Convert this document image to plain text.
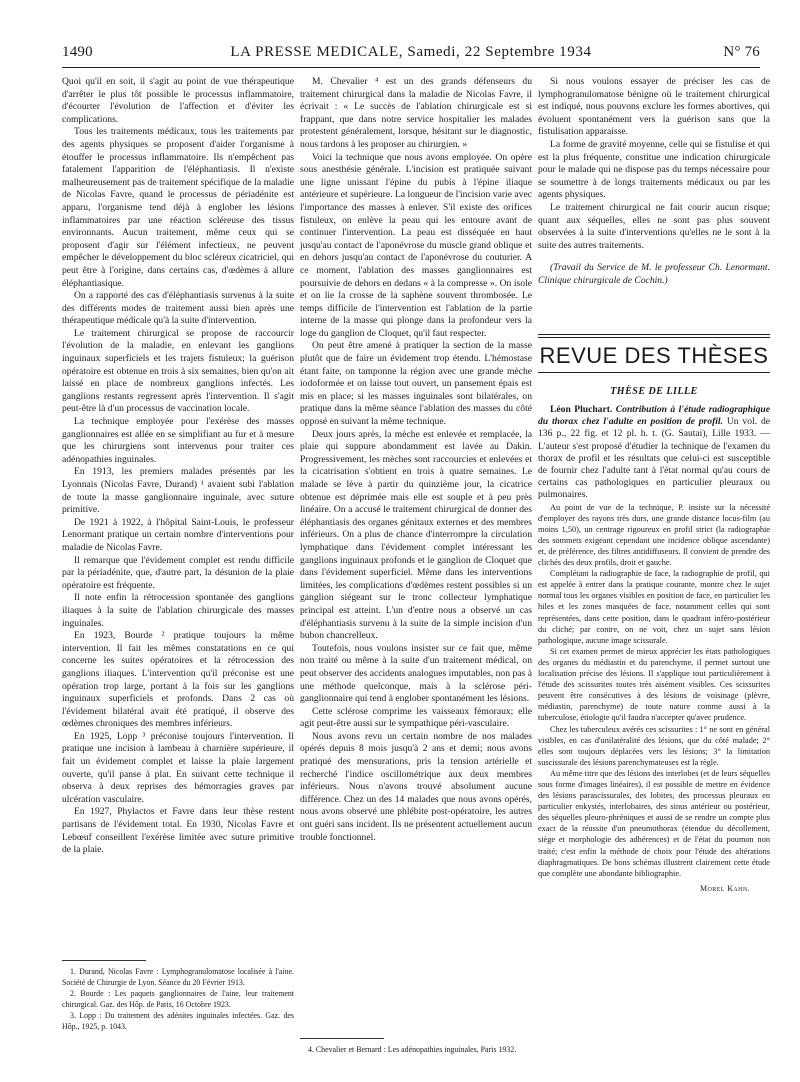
1490	LA PRESSE MEDICALE, Samedi, 22 Septembre 1934	N° 76

Quoi qu'il en soit, il s'agit au point de vue thérapeutique d'arrêter le plus tôt possible le processus inflammatoire, d'écourter l'évolution de l'affection et d'éviter les complications.

Tous les traitements médicaux, tous les traitements par des agents physiques se proposent d'aider l'organisme à étouffer le processus inflammatoire. Ils n'empêchent pas fatalement l'apparition de l'éléphantiasis. Il n'existe malheureusement pas de traitement spécifique de la maladie de Nicolas Favre, quand le processus de périadénite est apparu, l'organisme tend déjà à englober les lésions inflammatoires par une réaction scléreuse des tissus environnants. Aucun traitement, même ceux qui se proposent d'agir sur l'élément infectieux, ne peuvent empêcher le développement du bloc scléreux cicatriciel, qui peut être à l'origine, dans certains cas, d'œdèmes à allure éléphantiasique.

On a rapporté des cas d'éléphantiasis survenus à la suite des différents modes de traitement aussi bien après une thérapeutique médicale qu'à la suite d'intervention.

Le traitement chirurgical se propose de raccourcir l'évolution de la maladie, en enlevant les ganglions inguinaux superficiels et les trajets fistuleux; la guérison opératoire est obtenue en trois à six semaines, bien qu'on ait laissé en place de nombreux ganglions infectés. Les ganglions restants regressent après l'intervention. Il s'agit peut-être là d'un processus de vaccination locale.

La technique employée pour l'exérèse des masses ganglionnaires est allée en se simplifiant au fur et à mesure que les chirurgiens sont intervenus pour traiter ces adénopathies inguinales.

En 1913, les premiers malades présentés par les Lyonnais (Nicolas Favre, Durand) ¹ avaient subi l'ablation de toute la masse ganglionnaire inguinale, avec suture primitive.

De 1921 à 1922, à l'hôpital Saint-Louis, le professeur Lenormant pratique un certain nombre d'interventions pour maladie de Nicolas Favre.

Il remarque que l'évidement complet est rendu difficile par la périadénite, que, d'autre part, la désunion de la plaie opératoire est fréquente.

Il note enfin la rétrocession spontanée des ganglions iliaques à la suite de l'ablation chirurgicale des masses inguinales.

En 1923, Bourde ² pratique toujours la même intervention. Il fait les mêmes constatations en ce qui concerne les suites opératoires et la rétrocession des ganglions iliaques. L'intervention qu'il préconise est une opération trop large, portant à la fois sur les ganglions inguinaux superficiels et profonds. Dans 2 cas où l'évidement bilatéral avait été pratiqué, il observe des œdèmes chroniques des membres inférieurs.

En 1925, Lopp ³ préconise toujours l'intervention. Il pratique une incision à lambeau à charnière supérieure, il fait un évidement complet et laisse la plaie largement ouverte, qu'il panse à plat. En suivant cette technique il observa à deux reprises des hémorragies graves par ulcération vasculaire.

En 1927, Phylactos et Favre dans leur thèse restent partisans de l'évidement total. En 1930, Nicolas Favre et Lebœuf conseillent l'exérèse limitée avec suture primitive de la plaie.

1. Durand, Nicolas Favre : Lymphogranulomatose localisée à l'aine. Société de Chirurgie de Lyon. Séance du 20 Février 1913.

2. Bourde : Les paquets ganglionnaires de l'aine, leur traitement chirurgical. Gaz. des Hôp. de Paris, 16 Octobre 1923.

3. Lopp : Du traitement des adénites inguinales infectées. Gaz. des Hôp., 1925, p. 1043.

M. Chevalier ⁴ est un des grands défenseurs du traitement chirurgical dans la maladie de Nicolas Favre, il écrivait : « Le succès de l'ablation chirurgicale est si frappant, que dans notre service hospitalier les malades protestent généralement, lorsque, hésitant sur le diagnostic, nous tardons à les proposer au chirurgien. »

Voici la technique que nous avons employée. On opère sous anesthésie générale. L'incision est pratiquée suivant une ligne unissant l'épine du pubis à l'épine iliaque antérieure et supérieure. La longueur de l'incision varie avec l'importance des masses à enlever. S'il existe des orifices fistuleux, on enlève la peau qui les entoure avant de continuer l'intervention. La peau est disséquée en haut jusqu'au contact de l'aponévrose du muscle grand oblique et en dehors jusqu'au contact de l'aponévrose du couturier. A ce moment, l'ablation des masses ganglionnaires est poursuivie de dehors en dedans « à la compresse ». On isole et on lie la crosse de la saphène souvent thrombosée. Le temps difficile de l'intervention est l'ablation de la partie interne de la masse qui plonge dans la profondeur vers la loge du ganglion de Cloquet, qu'il faut respecter.

On peut être amené à pratiquer la section de la masse plutôt que de faire un évidement trop étendu. L'hémostase étant faite, on tamponne la région avec une grande mèche iodoformée et on laisse tout ouvert, un pansement épais est mis en place; si les masses inguinales sont bilatérales, on pratique dans la même séance l'ablation des masses du côté opposé en suivant la même technique.

Deux jours après, la mèche est enlevée et remplacée, la plaie qui suppure abondamment est lavée au Dakin. Progressivement, les mèches sont raccourcies et enlevées et la cicatrisation s'obtient en trois à quatre semaines. Le malade se lève à partir du quinzième jour, la cicatrice obtenue est déprimée mais elle est souple et à peu près linéaire. On a accusé le traitement chirurgical de donner des éléphantiasis des organes génitaux externes et des membres inférieurs. On a plus de chance d'interrompre la circulation lymphatique dans l'évidement complet intéressant les ganglions inguinaux profonds et le ganglion de Cloquet que dans l'évidement superficiel. Même dans les interventions limitées, les complications d'œdèmes restent possibles si un ganglion siégeant sur le tronc collecteur lymphatique principal est atteint. L'un d'entre nous a observé un cas d'éléphantiasis survenu à la suite de la simple incision d'un bubon chancrelleux.

Toutefois, nous voulons insister sur ce fait que, même non traité ou même à la suite d'un traitement médical, on peut observer des accidents analogues imputables, non pas à une méthode quelconque, mais à la sclérose péri-ganglionnaire qui tend à englober spontanément les lésions.

Cette sclérose comprime les vaisseaux fémoraux; elle agit peut-être aussi sur le sympathique péri-vasculaire.

Nous avons revu un certain nombre de nos malades opérés depuis 8 mois jusqu'à 2 ans et demi; nous avons pratiqué des mensurations, pris la tension artérielle et recherché l'indice oscillométrique aux deux membres inférieurs. Nous n'avons trouvé absolument aucune différence. Chez un des 14 malades que nous avons opérés, nous avons observé une phlébite post-opératoire, les autres ont guéri sans incident. Ils ne présentent actuellement aucun trouble fonctionnel.

4. Chevalier et Bernard : Les adénopathies inguinales, Paris 1932.

Si nous voulons essayer de préciser les cas de lymphogranulomatose bénigne où le traitement chirurgical est indiqué, nous pouvons exclure les formes abortives, qui évoluent spontanément vers la guérison sans que la fistulisation apparaisse.

La forme de gravité moyenne, celle qui se fistulise et qui est la plus fréquente, constitue une indication chirurgicale pour le malade qui ne dispose pas du temps nécessaire pour se soumettre à de longs traitements médicaux ou par les agents physiques.

Le traitement chirurgical ne fait courir aucun risque; quant aux séquelles, elles ne sont pas plus souvent observées à la suite d'interventions qu'elles ne le sont à la suite des autres traitements.

(Travail du Service de M. le professeur Ch. Lenormant. Clinique chirurgicale de Cochin.)

REVUE DES THÈSES
THÈSE DE LILLE

Léon Pluchart. Contribution à l'étude radiographique du thorax chez l'adulte en position de profil. Un vol. de 136 p., 22 fig. et 12 pl. h. t. (G. Sautai), Lille 1933. — L'auteur s'est proposé d'étudier la technique de l'examen du thorax de profil et les résultats que celui-ci est susceptible de fournir chez l'adulte tant à l'état normal qu'au cours de certains cas pathologiques en particulier pleuraux ou pulmonaires.

Au point de vue de la technique, P. insiste sur la nécessité d'employer des rayons très durs, une grande distance locus-film (au moins 1,50), un centrage rigoureux en profil strict (la radiographie des sommets exigeant cependant une incidence oblique ascendante) et, de préférence, des filtres antidiffuseurs. Il convient de prendre des clichés des deux profils, droit et gauche.

Complétant la radiographie de face, la radiographie de profil, qui est appelée à entrer dans la pratique courante, montre chez le sujet normal tous les organes visibles en position de face, en particulier les hiles et les zones masquées de face, notamment celles qui sont représentées, dans cette position, dans le quadrant inféro-postérieur du cliché; par contre, on ne voit, chez un sujet sans lésion pathologique, aucune image scissurale.

Si cet examen permet de mieux apprécier les états pathologiques des organes du médiastin et du parenchyme, il permet surtout une localisation précise des lésions. Il s'applique tout particulièrement à l'étude des scissurites toutes très aisément visibles. Ces scissurites peuvent être consécutives à des lésions de voisinage (plèvre, médiastin, parenchyme) de toute nature comme aussi à la tuberculose, étiologie qu'il faudra n'accepter qu'avec prudence.

Chez les tuberculeux avérés ces scissurites : 1° ne sont en général visibles, en cas d'unilatéralité des lésions, que du côté malade; 2° elles sont toujours déplacées vers les lésions; 3° la limitation suscissurale des lésions parenchymateuses est la règle.

Au même titre que des lésions des interlobes (et de leurs séquelles sous forme d'images linéaires), il est possible de mettre en évidence des lésions parascissurales, des lobites, des processus pleuraux en particulier enkystés, interlobaires, des sinus antérieur ou postérieur, des séquelles pleuro-phréniques et aussi de se rendre un compte plus exact de la réussite d'un pneumothorax (étendue du décollement, siège et morphologie des adhérences) et de l'état du poumon non traité; c'est enfin la méthode de choix pour l'étude des altérations diaphragmatiques. De bons schémas illustrent clairement cette étude que complète une abondante bibliographie.

Morel Kahn.
